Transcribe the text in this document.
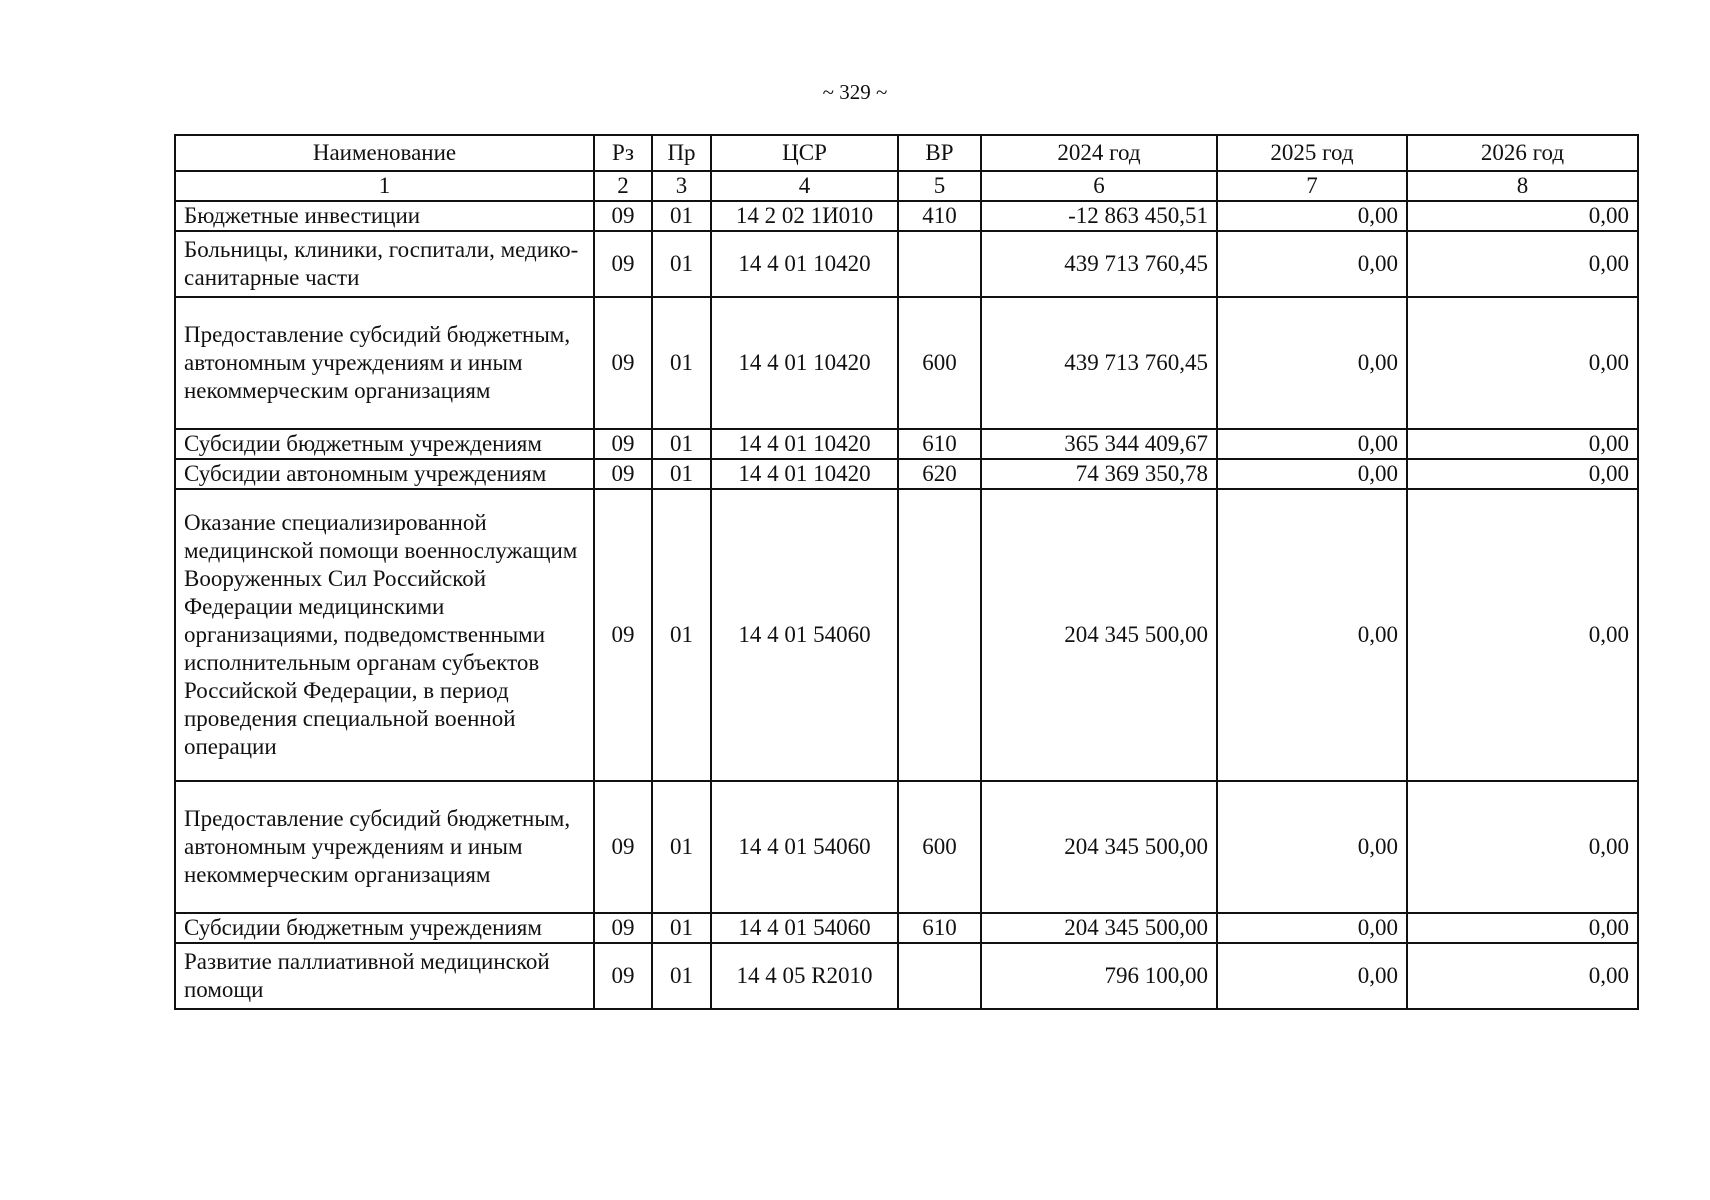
~ 329 ~
Наименование	Рз	Пр	ЦСР	ВР	2024 год	2025 год	2026 год
1	2	3	4	5	6	7	8
Бюджетные инвестиции	09	01	14 2 02 1И010	410	-12 863 450,51	0,00	0,00
Больницы, клиники, госпитали, медико-санитарные части	09	01	14 4 01 10420		439 713 760,45	0,00	0,00
Предоставление субсидий бюджетным, автономным учреждениям и иным некоммерческим организациям	09	01	14 4 01 10420	600	439 713 760,45	0,00	0,00
Субсидии бюджетным учреждениям	09	01	14 4 01 10420	610	365 344 409,67	0,00	0,00
Субсидии автономным учреждениям	09	01	14 4 01 10420	620	74 369 350,78	0,00	0,00
Оказание специализированной медицинской помощи военнослужащим Вооруженных Сил Российской Федерации медицинскими организациями, подведомственными исполнительным органам субъектов Российской Федерации, в период проведения специальной военной операции	09	01	14 4 01 54060		204 345 500,00	0,00	0,00
Предоставление субсидий бюджетным, автономным учреждениям и иным некоммерческим организациям	09	01	14 4 01 54060	600	204 345 500,00	0,00	0,00
Субсидии бюджетным учреждениям	09	01	14 4 01 54060	610	204 345 500,00	0,00	0,00
Развитие паллиативной медицинской помощи	09	01	14 4 05 R2010		796 100,00	0,00	0,00
